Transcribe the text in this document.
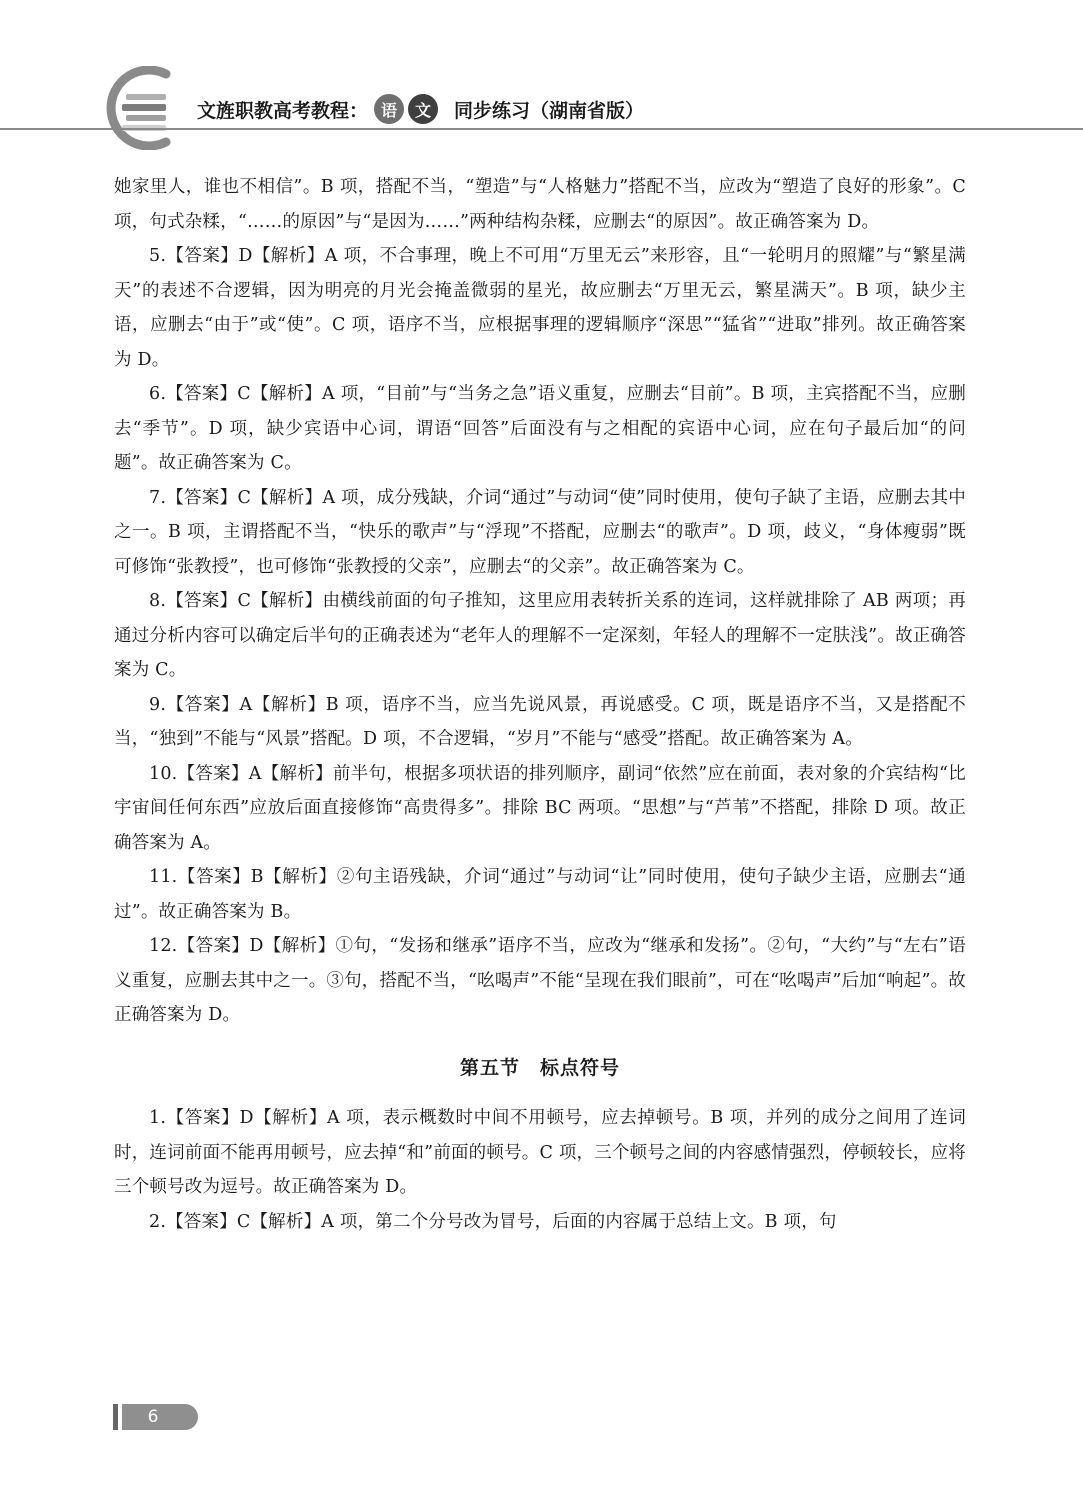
文旌职教高考教程： 语	文	同步练习（湖南省版）

她家里人，谁也不相信”。B 项，搭配不当，“塑造”与“人格魅力”搭配不当，应改为“塑造了良好的形象”。C 项，句式杂糅，“……的原因”与“是因为……”两种结构杂糅，应删去“的原因”。故正确答案为 D。

5.【答案】D【解析】A 项，不合事理，晚上不可用“万里无云”来形容，且“一轮明月的照耀”与“繁星满天”的表述不合逻辑，因为明亮的月光会掩盖微弱的星光，故应删去“万里无云，繁星满天”。B 项，缺少主语，应删去“由于”或“使”。C 项，语序不当，应根据事理的逻辑顺序“深思”“猛省”“进取”排列。故正确答案为 D。

6.【答案】C【解析】A 项，“目前”与“当务之急”语义重复，应删去“目前”。B 项，主宾搭配不当，应删去“季节”。D 项，缺少宾语中心词，谓语“回答”后面没有与之相配的宾语中心词，应在句子最后加“的问题”。故正确答案为 C。

7.【答案】C【解析】A 项，成分残缺，介词“通过”与动词“使”同时使用，使句子缺了主语，应删去其中之一。B 项，主谓搭配不当，“快乐的歌声”与“浮现”不搭配，应删去“的歌声”。D 项，歧义，“身体瘦弱”既可修饰“张教授”，也可修饰“张教授的父亲”，应删去“的父亲”。故正确答案为 C。

8.【答案】C【解析】由横线前面的句子推知，这里应用表转折关系的连词，这样就排除了 AB 两项；再通过分析内容可以确定后半句的正确表述为“老年人的理解不一定深刻，年轻人的理解不一定肤浅”。故正确答案为 C。

9.【答案】A【解析】B 项，语序不当，应当先说风景，再说感受。C 项，既是语序不当，又是搭配不当，“独到”不能与“风景”搭配。D 项，不合逻辑，“岁月”不能与“感受”搭配。故正确答案为 A。

10.【答案】A【解析】前半句，根据多项状语的排列顺序，副词“依然”应在前面，表对象的介宾结构“比宇宙间任何东西”应放后面直接修饰“高贵得多”。排除 BC 两项。“思想”与“芦苇”不搭配，排除 D 项。故正确答案为 A。

11.【答案】B【解析】②句主语残缺，介词“通过”与动词“让”同时使用，使句子缺少主语，应删去“通过”。故正确答案为 B。

12.【答案】D【解析】①句，“发扬和继承”语序不当，应改为“继承和发扬”。②句，“大约”与“左右”语义重复，应删去其中之一。③句，搭配不当，“吆喝声”不能“呈现在我们眼前”，可在“吆喝声”后加“响起”。故正确答案为 D。

第五节　标点符号

1.【答案】D【解析】A 项，表示概数时中间不用顿号，应去掉顿号。B 项，并列的成分之间用了连词时，连词前面不能再用顿号，应去掉“和”前面的顿号。C 项，三个顿号之间的内容感情强烈，停顿较长，应将三个顿号改为逗号。故正确答案为 D。

2.【答案】C【解析】A 项，第二个分号改为冒号，后面的内容属于总结上文。B 项，句

6
